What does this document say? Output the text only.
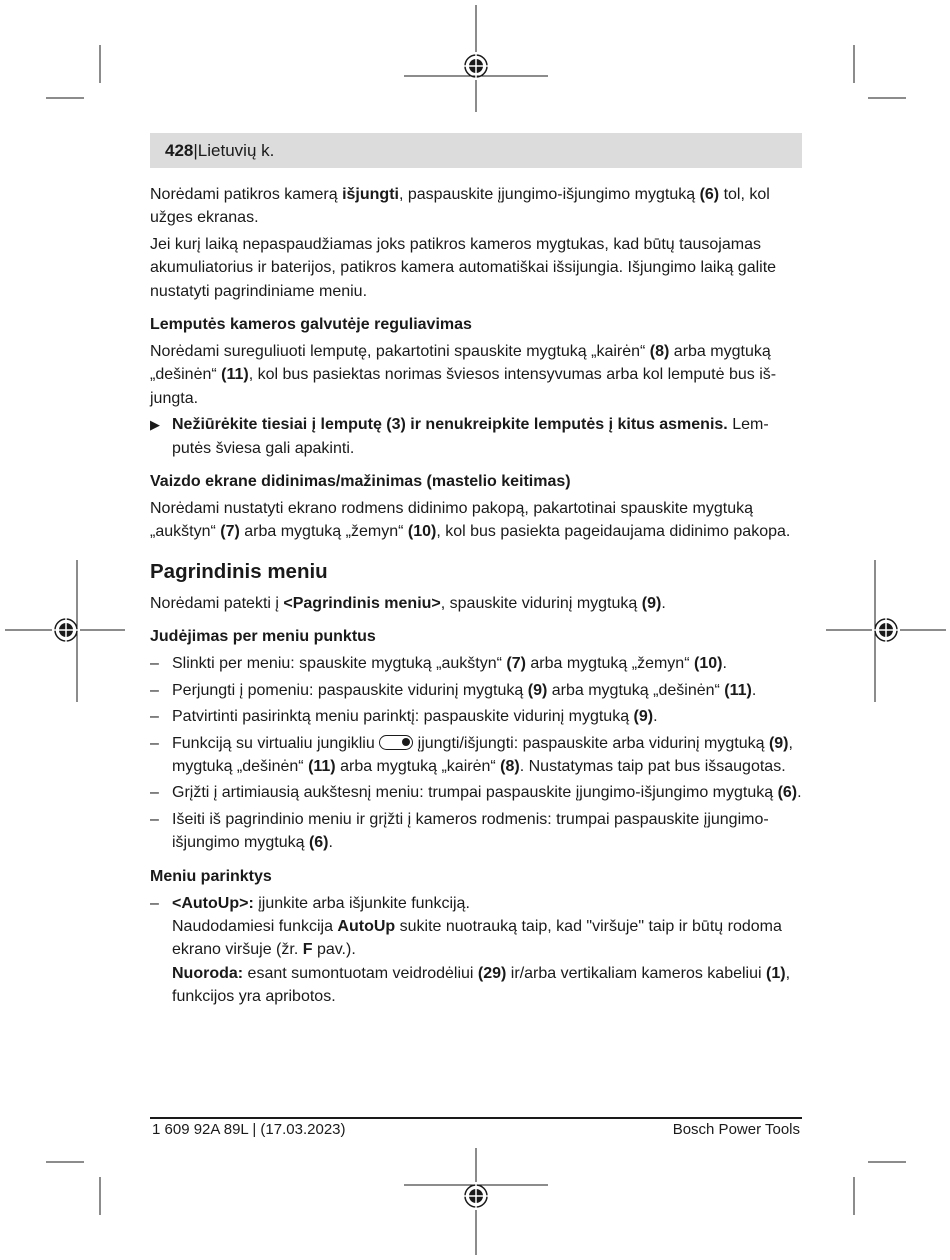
428|Lietuvių k.

Norėdami patikros kamerą išjungti, paspauskite įjungimo-išjungimo mygtuką (6) tol, kol užges ekranas.

Jei kurį laiką nepaspaudžiamas joks patikros kameros mygtukas, kad būtų tausojamas akumuliatorius ir baterijos, patikros kamera automatiškai išsijungia. Išjungimo laiką galite nustatyti pagrindiniame meniu.

Lemputės kameros galvutėje reguliavimas

Norėdami sureguliuoti lemputę, pakartotini spauskite mygtuką „kairėn“ (8) arba mygtuką „dešinėn“ (11), kol bus pasiektas norimas šviesos intensyvumas arba kol lemputė bus išjungta.

▶ Nežiūrėkite tiesiai į lemputę (3) ir nenukreipkite lemputės į kitus asmenis. Lemputės šviesa gali apakinti.
Vaizdo ekrane didinimas/mažinimas (mastelio keitimas)

Norėdami nustatyti ekrano rodmens didinimo pakopą, pakartotinai spauskite mygtuką „aukštyn“ (7) arba mygtuką „žemyn“ (10), kol bus pasiekta pageidaujama didinimo pakopa.

Pagrindinis meniu

Norėdami patekti į <Pagrindinis meniu>, spauskite vidurinį mygtuką (9).

Judėjimas per meniu punktus
– Slinkti per meniu: spauskite mygtuką „aukštyn“ (7) arba mygtuką „žemyn“ (10).
– Perjungti į pomeniu: paspauskite vidurinį mygtuką (9) arba mygtuką „dešinėn“ (11).
– Patvirtinti pasirinktą meniu parinktį: paspauskite vidurinį mygtuką (9).
– Funkciją su virtualiu jungikliu  įjungti/išjungti: paspauskite arba vidurinį mygtuką (9), mygtuką „dešinėn“ (11) arba mygtuką „kairėn“ (8). Nustatymas taip pat bus išsaugotas.
– Grįžti į artimiausią aukštesnį meniu: trumpai paspauskite įjungimo-išjungimo mygtuką (6).
– Išeiti iš pagrindinio meniu ir grįžti į kameros rodmenis: trumpai paspauskite įjungimo-išjungimo mygtuką (6).
Meniu parinktys
– <AutoUp>: įjunkite arba išjunkite funkciją.
Naudodamiesi funkcija AutoUp sukite nuotrauką taip, kad "viršuje" taip ir būtų rodoma ekrano viršuje (žr. F pav.).
Nuoroda: esant sumontuotam veidrodėliui (29) ir/arba vertikaliam kameros kabeliui (1), funkcijos yra apribotos.
1 609 92A 89L | (17.03.2023)	Bosch Power Tools
